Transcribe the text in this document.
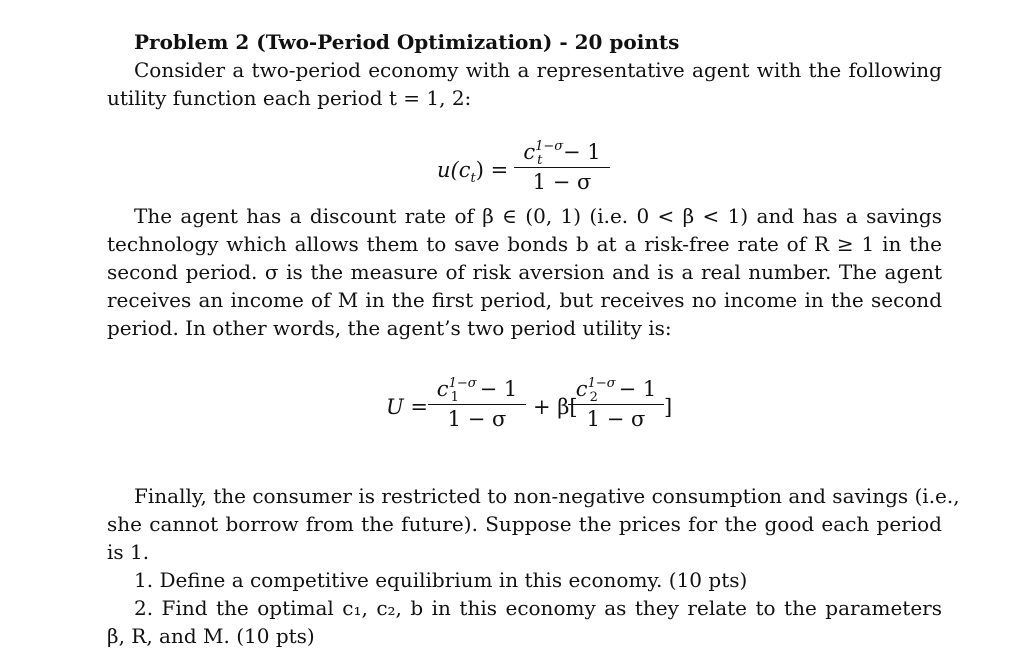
Problem 2 (Two-Period Optimization) - 20 points
Consider a two-period economy with a representative agent with the following
utility function each period t = 1, 2:
$u(c_t) = \frac{c^{1-\sigma}_t - 1}{1 - \sigma}$
The agent has a discount rate of β ∈ (0, 1) (i.e. 0 < β < 1) and has a savings
technology which allows them to save bonds b at a risk-free rate of R ≥ 1 in the
second period. σ is the measure of risk aversion and is a real number. The agent
receives an income of M in the first period, but receives no income in the second
period. In other words, the agent’s two period utility is:
$U = \frac{c^{1-\sigma}_1 - 1}{1 - \sigma} + \beta$[
$\frac{c^{1-\sigma}_2 - 1}{1 - \sigma}$ ]
Finally, the consumer is restricted to non-negative consumption and savings (i.e.,
she cannot borrow from the future). Suppose the prices for the good each period
is 1.
1. Define a competitive equilibrium in this economy. (10 pts)
2. Find the optimal c₁, c₂, b in this economy as they relate to the parameters
β, R, and M. (10 pts)
